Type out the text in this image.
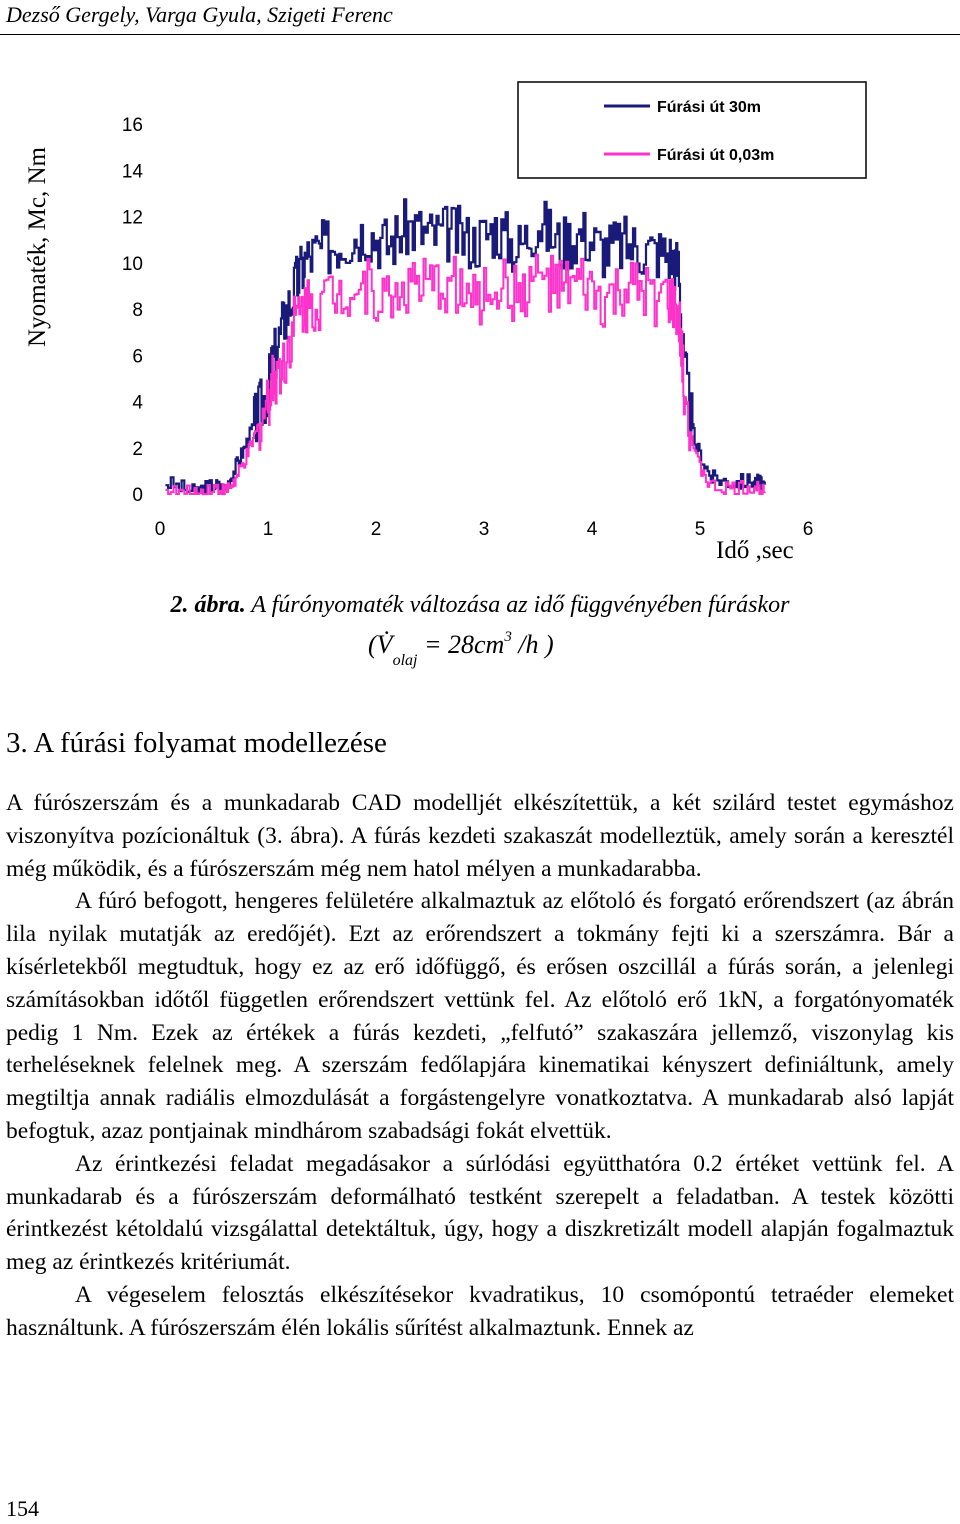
Dezső Gergely, Varga Gyula, Szigeti Ferenc
Nyomaték, Mc, Nm
16
14
12
10
8
6
4
2
0
0	1	2	3	4	5	6
Fúrási út 30m
Fúrási út 0,03m
Idő ,sec
2. ábra. A fúrónyomaték változása az idő függvényében fúráskor
($V̇_{olaj} = 28cm^3$ /h )
3. A fúrási folyamat modellezése

A fúrószerszám és a munkadarab CAD modelljét elkészítettük, a két szilárd testet egymáshoz viszonyítva pozícionáltuk (3. ábra). A fúrás kezdeti szakaszát modelleztük, amely során a keresztél még működik, és a fúrószerszám még nem hatol mélyen a munkadarabba.

A fúró befogott, hengeres felületére alkalmaztuk az előtoló és forgató erőrendszert (az ábrán lila nyilak mutatják az eredőjét). Ezt az erőrendszert a tokmány fejti ki a szerszámra. Bár a kísérletekből megtudtuk, hogy ez az erő időfüggő, és erősen oszcillál a fúrás során, a jelenlegi számításokban időtől független erőrendszert vettünk fel. Az előtoló erő 1kN, a forgatónyomaték pedig 1 Nm. Ezek az értékek a fúrás kezdeti, „felfutó” szakaszára jellemző, viszonylag kis terheléseknek felelnek meg. A szerszám fedőlapjára kinematikai kényszert definiáltunk, amely megtiltja annak radiális elmozdulását a forgástengelyre vonatkoztatva. A munkadarab alsó lapját befogtuk, azaz pontjainak mindhárom szabadsági fokát elvettük.

Az érintkezési feladat megadásakor a súrlódási együtthatóra 0.2 értéket vettünk fel. A munkadarab és a fúrószerszám deformálható testként szerepelt a feladatban. A testek közötti érintkezést kétoldalú vizsgálattal detektáltuk, úgy, hogy a diszkretizált modell alapján fogalmaztuk meg az érintkezés kritériumát.

A végeselem felosztás elkészítésekor kvadratikus, 10 csomópontú tetraéder elemeket használtunk. A fúrószerszám élén lokális sűrítést alkalmaztunk. Ennek az

154
